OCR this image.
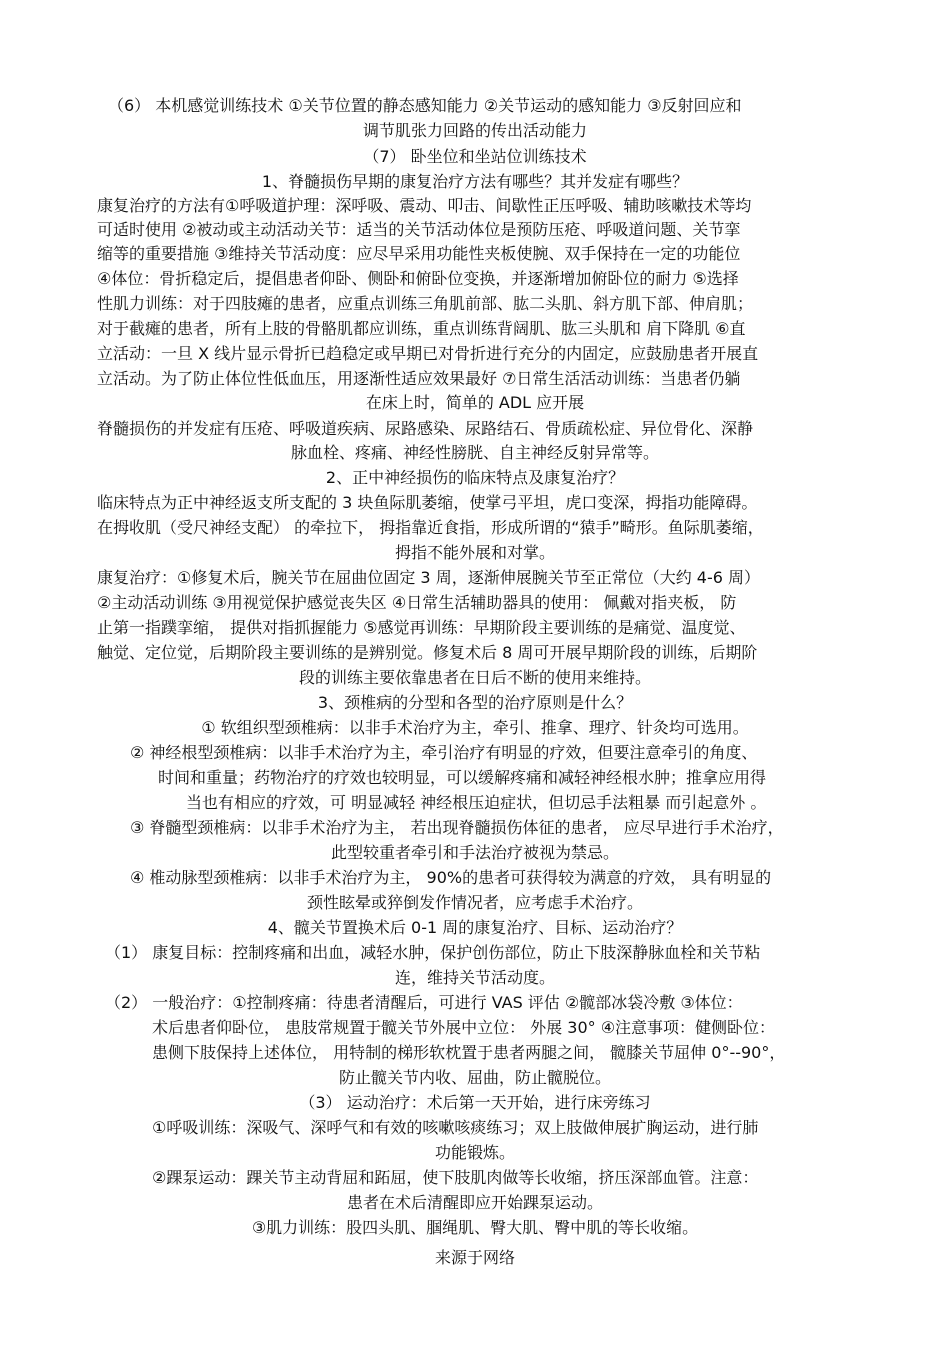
（6） 本机感觉训练技术 ①关节位置的静态感知能力 ②关节运动的感知能力 ③反射回应和
调节肌张力回路的传出活动能力
（7） 卧坐位和坐站位训练技术
1、脊髓损伤早期的康复治疗方法有哪些？其并发症有哪些？
康复治疗的方法有①呼吸道护理：深呼吸、震动、叩击、间歇性正压呼吸、辅助咳嗽技术等均
可适时使用 ②被动或主动活动关节：适当的关节活动体位是预防压疮、呼吸道问题、关节挛
缩等的重要措施 ③维持关节活动度：应尽早采用功能性夹板使腕、双手保持在一定的功能位
④体位：骨折稳定后，提倡患者仰卧、侧卧和俯卧位变换，并逐渐增加俯卧位的耐力 ⑤选择
性肌力训练：对于四肢瘫的患者，应重点训练三角肌前部、肱二头肌、斜方肌下部、伸肩肌；
对于截瘫的患者，所有上肢的骨骼肌都应训练，重点训练背阔肌、肱三头肌和 肩下降肌 ⑥直
立活动：一旦 X 线片显示骨折已趋稳定或早期已对骨折进行充分的内固定，应鼓励患者开展直
立活动。为了防止体位性低血压，用逐渐性适应效果最好 ⑦日常生活活动训练：当患者仍躺
在床上时，简单的 ADL 应开展
脊髓损伤的并发症有压疮、呼吸道疾病、尿路感染、尿路结石、骨质疏松症、异位骨化、深静
脉血栓、疼痛、神经性膀胱、自主神经反射异常等。
2、正中神经损伤的临床特点及康复治疗？
临床特点为正中神经返支所支配的 3 块鱼际肌萎缩，使掌弓平坦，虎口变深，拇指功能障碍。
在拇收肌（受尺神经支配） 的牵拉下， 拇指靠近食指，形成所谓的“猿手”畸形。鱼际肌萎缩，
拇指不能外展和对掌。
康复治疗：①修复术后，腕关节在屈曲位固定 3 周，逐渐伸展腕关节至正常位（大约 4-6 周）
②主动活动训练 ③用视觉保护感觉丧失区 ④日常生活辅助器具的使用： 佩戴对指夹板， 防
止第一指蹼挛缩， 提供对指抓握能力 ⑤感觉再训练：早期阶段主要训练的是痛觉、温度觉、
触觉、定位觉，后期阶段主要训练的是辨别觉。修复术后 8 周可开展早期阶段的训练，后期阶
段的训练主要依靠患者在日后不断的使用来维持。
3、颈椎病的分型和各型的治疗原则是什么？
① 软组织型颈椎病：以非手术治疗为主，牵引、推拿、理疗、针灸均可选用。
② 神经根型颈椎病：以非手术治疗为主，牵引治疗有明显的疗效，但要注意牵引的角度、
时间和重量；药物治疗的疗效也较明显，可以缓解疼痛和减轻神经根水肿；推拿应用得
当也有相应的疗效，可 明显减轻 神经根压迫症状，但切忌手法粗暴 而引起意外 。
③ 脊髓型颈椎病：以非手术治疗为主， 若出现脊髓损伤体征的患者， 应尽早进行手术治疗，
此型较重者牵引和手法治疗被视为禁忌。
④ 椎动脉型颈椎病：以非手术治疗为主， 90%的患者可获得较为满意的疗效， 具有明显的
颈性眩晕或猝倒发作情况者，应考虑手术治疗。
4、髋关节置换术后 0-1 周的康复治疗、目标、运动治疗？
（1） 康复目标：控制疼痛和出血，减轻水肿，保护创伤部位，防止下肢深静脉血栓和关节粘
连，维持关节活动度。
（2） 一般治疗：①控制疼痛：待患者清醒后，可进行 VAS 评估 ②髋部冰袋冷敷 ③体位：
术后患者仰卧位， 患肢常规置于髋关节外展中立位： 外展 30° ④注意事项：健侧卧位：
患侧下肢保持上述体位， 用特制的梯形软枕置于患者两腿之间， 髋膝关节屈伸 0°--90°，
防止髋关节内收、屈曲，防止髋脱位。
（3） 运动治疗：术后第一天开始，进行床旁练习
①呼吸训练：深吸气、深呼气和有效的咳嗽咳痰练习；双上肢做伸展扩胸运动，进行肺
功能锻炼。
②踝泵运动：踝关节主动背屈和跖屈，使下肢肌肉做等长收缩，挤压深部血管。注意：
患者在术后清醒即应开始踝泵运动。
③肌力训练：股四头肌、腘绳肌、臀大肌、臀中肌的等长收缩。
来源于网络
